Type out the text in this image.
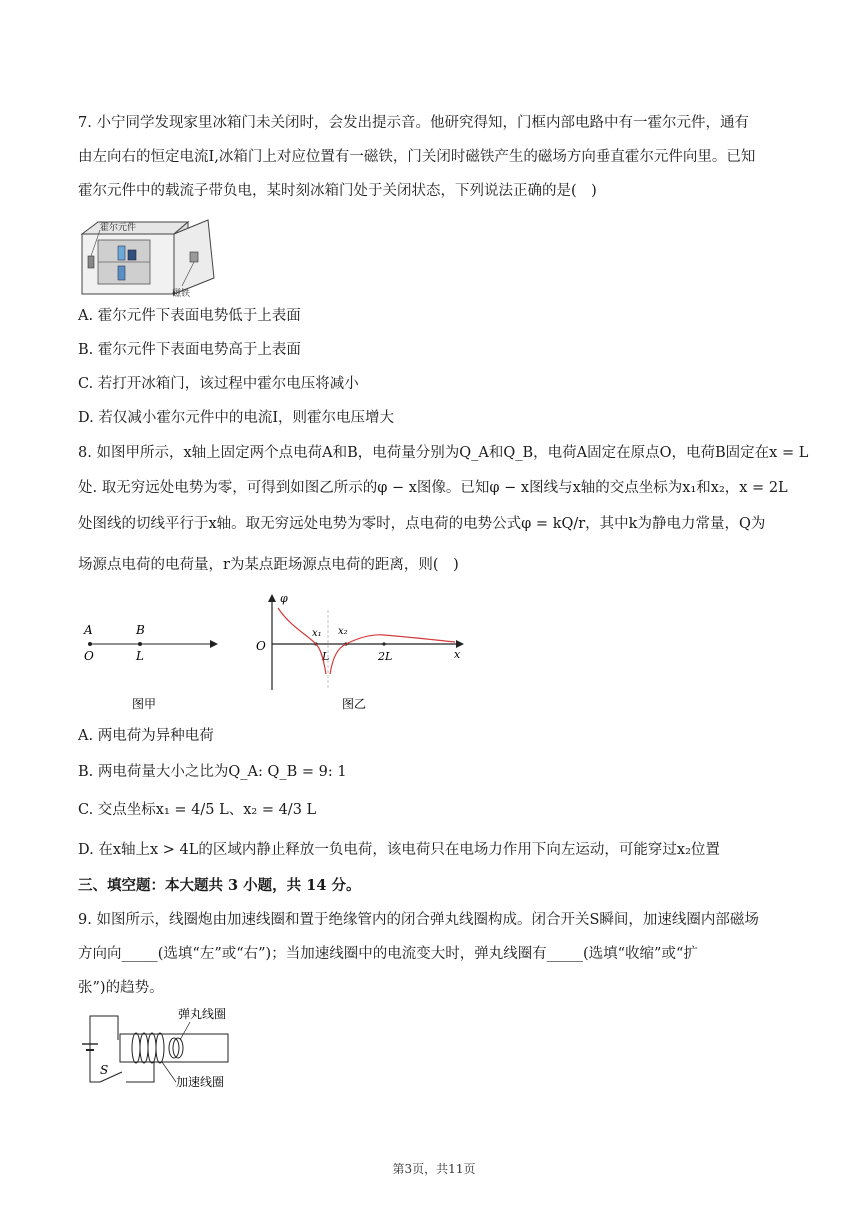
7. 小宁同学发现家里冰箱门未关闭时，会发出提示音。他研究得知，门框内部电路中有一霍尔元件，通有
由左向右的恒定电流I,冰箱门上对应位置有一磁铁，门关闭时磁铁产生的磁场方向垂直霍尔元件向里。已知
霍尔元件中的载流子带负电，某时刻冰箱门处于关闭状态，下列说法正确的是(　)
霍尔元件
磁铁
A. 霍尔元件下表面电势低于上表面
B. 霍尔元件下表面电势高于上表面
C. 若打开冰箱门，该过程中霍尔电压将减小
D. 若仅减小霍尔元件中的电流I，则霍尔电压增大
8. 如图甲所示，x轴上固定两个点电荷A和B，电荷量分别为Q_A和Q_B，电荷A固定在原点O，电荷B固定在x = L
处. 取无穷远处电势为零，可得到如图乙所示的φ − x图像。已知φ − x图线与x轴的交点坐标为x₁和x₂，x = 2L
处图线的切线平行于x轴。取无穷远处电势为零时，点电荷的电势公式φ = kQ/r，其中k为静电力常量，Q为
场源点电荷的电荷量，r为某点距场源点电荷的距离，则(　)
A	B
O	L
图甲
φ
O
x
x₁ x₂
L	2L
图乙
A. 两电荷为异种电荷
B. 两电荷量大小之比为Q_A: Q_B = 9: 1
C. 交点坐标x₁ = 4/5 L、x₂ = 4/3 L
D. 在x轴上x > 4L的区域内静止释放一负电荷，该电荷只在电场力作用下向左运动，可能穿过x₂位置
三、填空题：本大题共 3 小题，共 14 分。
9. 如图所示，线圈炮由加速线圈和置于绝缘管内的闭合弹丸线圈构成。闭合开关S瞬间，加速线圈内部磁场
方向向_____(选填“左”或“右”)；当加速线圈中的电流变大时，弹丸线圈有_____(选填“收缩”或“扩
张”)的趋势。
S
弹丸线圈
加速线圈
第3页，共11页
